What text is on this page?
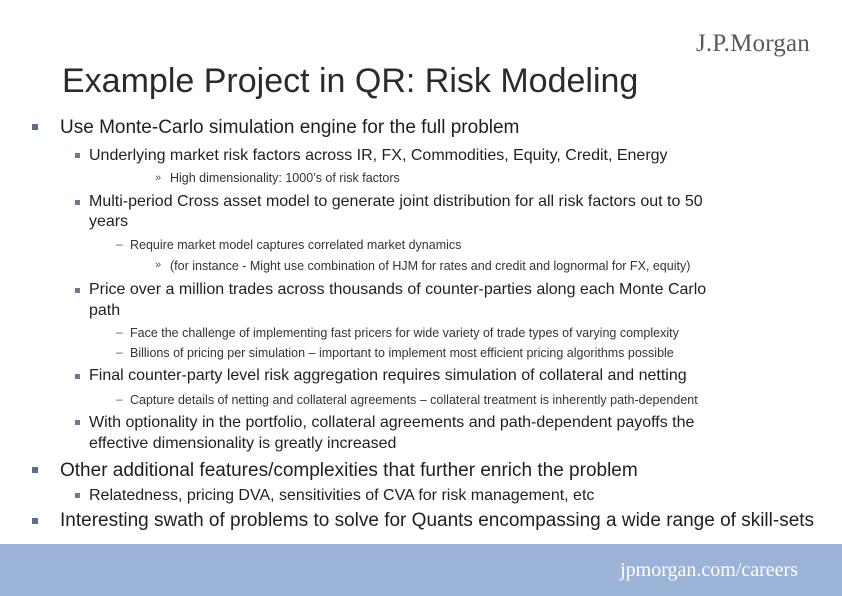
J.P.Morgan
Example Project in QR: Risk Modeling
Use Monte-Carlo simulation engine for the full problem
Underlying market risk factors across IR, FX, Commodities, Equity, Credit, Energy
» High dimensionality: 1000’s of risk factors
Multi-period Cross asset model to generate joint distribution for all risk factors out to 50
years
– Require market model captures correlated market dynamics
» (for instance - Might use combination of HJM for rates and credit and lognormal for FX, equity)
Price over a million trades across thousands of counter-parties along each Monte Carlo
path
– Face the challenge of implementing fast pricers for wide variety of trade types of varying complexity
– Billions of pricing per simulation – important to implement most efficient pricing algorithms possible
Final counter-party level risk aggregation requires simulation of collateral and netting
– Capture details of netting and collateral agreements – collateral treatment is inherently path-dependent
With optionality in the portfolio, collateral agreements and path-dependent payoffs the
effective dimensionality is greatly increased
Other additional features/complexities that further enrich the problem
Relatedness, pricing DVA, sensitivities of CVA for risk management, etc
Interesting swath of problems to solve for Quants encompassing a wide range of skill-sets
jpmorgan.com/careers
